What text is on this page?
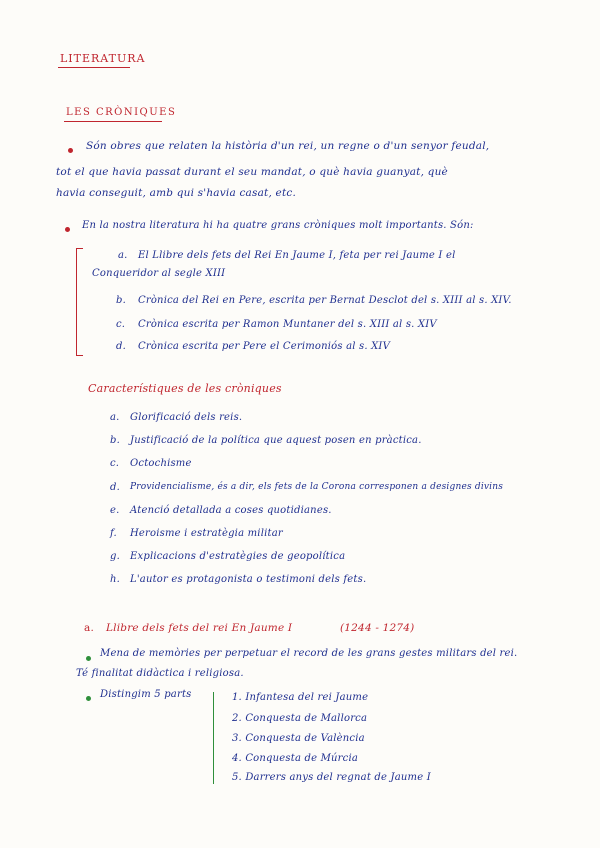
LITERATURA
LES CRÒNIQUES
Són obres que relaten la història d'un rei, un regne o d'un senyor feudal,
tot el que havia passat durant el seu mandat, o què havia guanyat, què
havia conseguit, amb qui s'havia casat, etc.
En la nostra literatura hi ha quatre grans cròniques molt importants. Són:
a. El Llibre dels fets del Rei En Jaume I, feta per rei Jaume I el
Conqueridor al segle XIII
b. Crònica del Rei en Pere, escrita per Bernat Desclot del s. XIII al s. XIV.
c. Crònica escrita per Ramon Muntaner del s. XIII al s. XIV
d. Crònica escrita per Pere el Cerimoniós al s. XIV
Característiques de les cròniques
a. Glorificació dels reis.
b. Justificació de la política que aquest posen en pràctica.
c. Octochisme
d. Providencialisme, és a dir, els fets de la Corona corresponen a designes divins
e. Atenció detallada a coses quotidianes.
f. Heroisme i estratègia militar
g. Explicacions d'estratègies de geopolítica
h. L'autor es protagonista o testimoni dels fets.
a. Llibre dels fets del rei En Jaume I	(1244 - 1274)
Mena de memòries per perpetuar el record de les grans gestes militars del rei.
Té finalitat didàctica i religiosa.
Distingim 5 parts	1. Infantesa del rei Jaume
2. Conquesta de Mallorca
3. Conquesta de València
4. Conquesta de Múrcia
5. Darrers anys del regnat de Jaume I
